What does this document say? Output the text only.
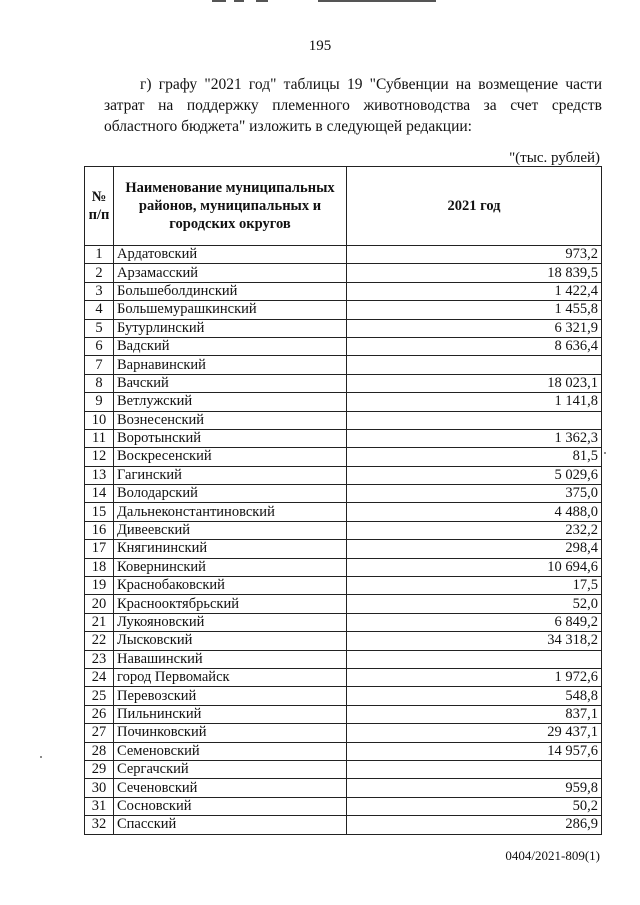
195
г) графу "2021 год" таблицы 19 "Субвенции на возмещение части затрат на поддержку племенного животноводства за счет средств областного бюджета" изложить в следующей редакции:
"(тыс. рублей)
№ п/п	Наименование муниципальных районов, муниципальных и городских округов	2021 год
1	Ардатовский	973,2
2	Арзамасский	18 839,5
3	Большеболдинский	1 422,4
4	Большемурашкинский	1 455,8
5	Бутурлинский	6 321,9
6	Вадский	8 636,4
7	Варнавинский	
8	Вачский	18 023,1
9	Ветлужский	1 141,8
10	Вознесенский	
11	Воротынский	1 362,3
12	Воскресенский	81,5
13	Гагинский	5 029,6
14	Володарский	375,0
15	Дальнеконстантиновский	4 488,0
16	Дивеевский	232,2
17	Княгининский	298,4
18	Ковернинский	10 694,6
19	Краснобаковский	17,5
20	Краснооктябрьский	52,0
21	Лукояновский	6 849,2
22	Лысковский	34 318,2
23	Навашинский	
24	город Первомайск	1 972,6
25	Перевозский	548,8
26	Пильнинский	837,1
27	Починковский	29 437,1
28	Семеновский	14 957,6
29	Сергачский	
30	Сеченовский	959,8
31	Сосновский	50,2
32	Спасский	286,9
0404/2021-809(1)
